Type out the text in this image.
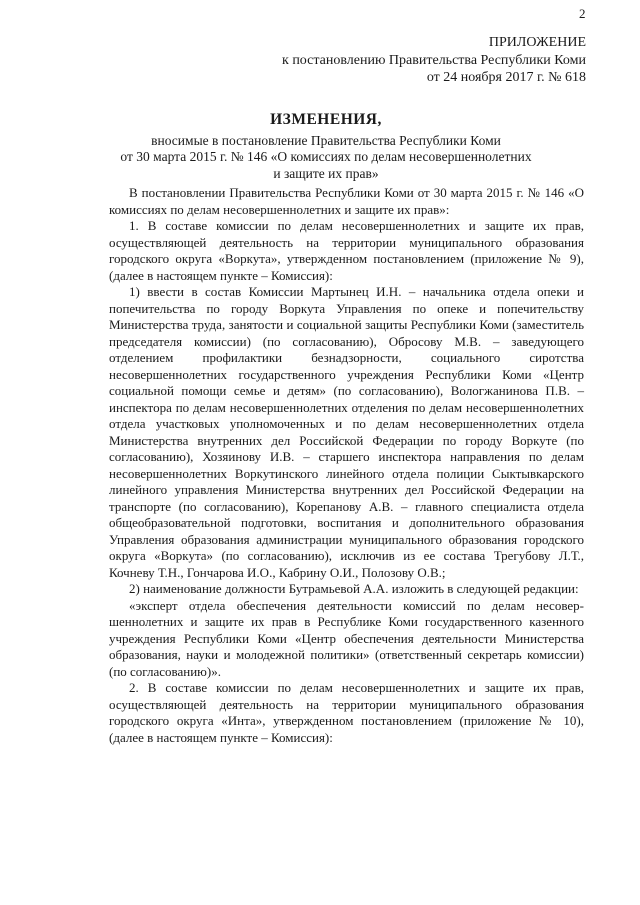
2
ПРИЛОЖЕНИЕ
к постановлению Правительства Республики Коми
от 24 ноября 2017 г. № 618
ИЗМЕНЕНИЯ,
вносимые в постановление Правительства Республики Коми
от 30 марта 2015 г. № 146 «О комиссиях по делам несовершеннолетних
и защите их прав»

В постановлении Правительства Республики Коми от 30 марта 2015 г. № 146 «О комиссиях по делам несовершеннолетних и защите их прав»:

1. В составе комиссии по делам несовершеннолетних и защите их прав, осуществляющей деятельность на территории муниципального образования городского округа «Воркута», утвержденном постановлением (приложение № 9), (далее в настоящем пункте – Комиссия):

1) ввести в состав Комиссии Мартынец И.Н. – начальника отдела опеки и попечительства по городу Воркута Управления по опеке и попечительству Министерства труда, занятости и социальной защиты Республики Коми (заместитель председателя комиссии) (по согласованию), Обросову М.В. – заведующего отделением профилактики безнадзорности, социального сиротства несовершеннолетних государственного учреждения Республики Коми «Центр социальной помощи семье и детям» (по согласованию), Вологжанинова П.В. – инспектора по делам несовершеннолетних отделения по делам несовершеннолетних отдела участковых уполномоченных и по делам несовершеннолетних отдела Министерства внутренних дел Российской Федерации по городу Воркуте (по согласованию), Хозяинову И.В. – старшего инспектора направления по делам несовершеннолетних Воркутинского линейного отдела полиции Сыктывкарского линейного управления Министерства внутренних дел Российской Федерации на транспорте (по согласованию), Корепанову А.В. – главного специалиста отдела общеобразовательной подготовки, воспитания и дополнительного образования Управления образования администрации муниципального образования городского округа «Воркута» (по согласованию), исключив из ее состава Трегубову Л.Т., Кочневу Т.Н., Гончарова И.О., Кабрину О.И., Полозову О.В.;

2) наименование должности Бутрамьевой А.А. изложить в следующей редакции:

«эксперт отдела обеспечения деятельности комиссий по делам несовершеннолетних и защите их прав в Республике Коми государственного казенного учреждения Республики Коми «Центр обеспечения деятельности Министерства образования, науки и молодежной политики» (ответственный секретарь комиссии) (по согласованию)».

2. В составе комиссии по делам несовершеннолетних и защите их прав, осуществляющей деятельность на территории муниципального образования городского округа «Инта», утвержденном постановлением (приложение № 10), (далее в настоящем пункте – Комиссия):
